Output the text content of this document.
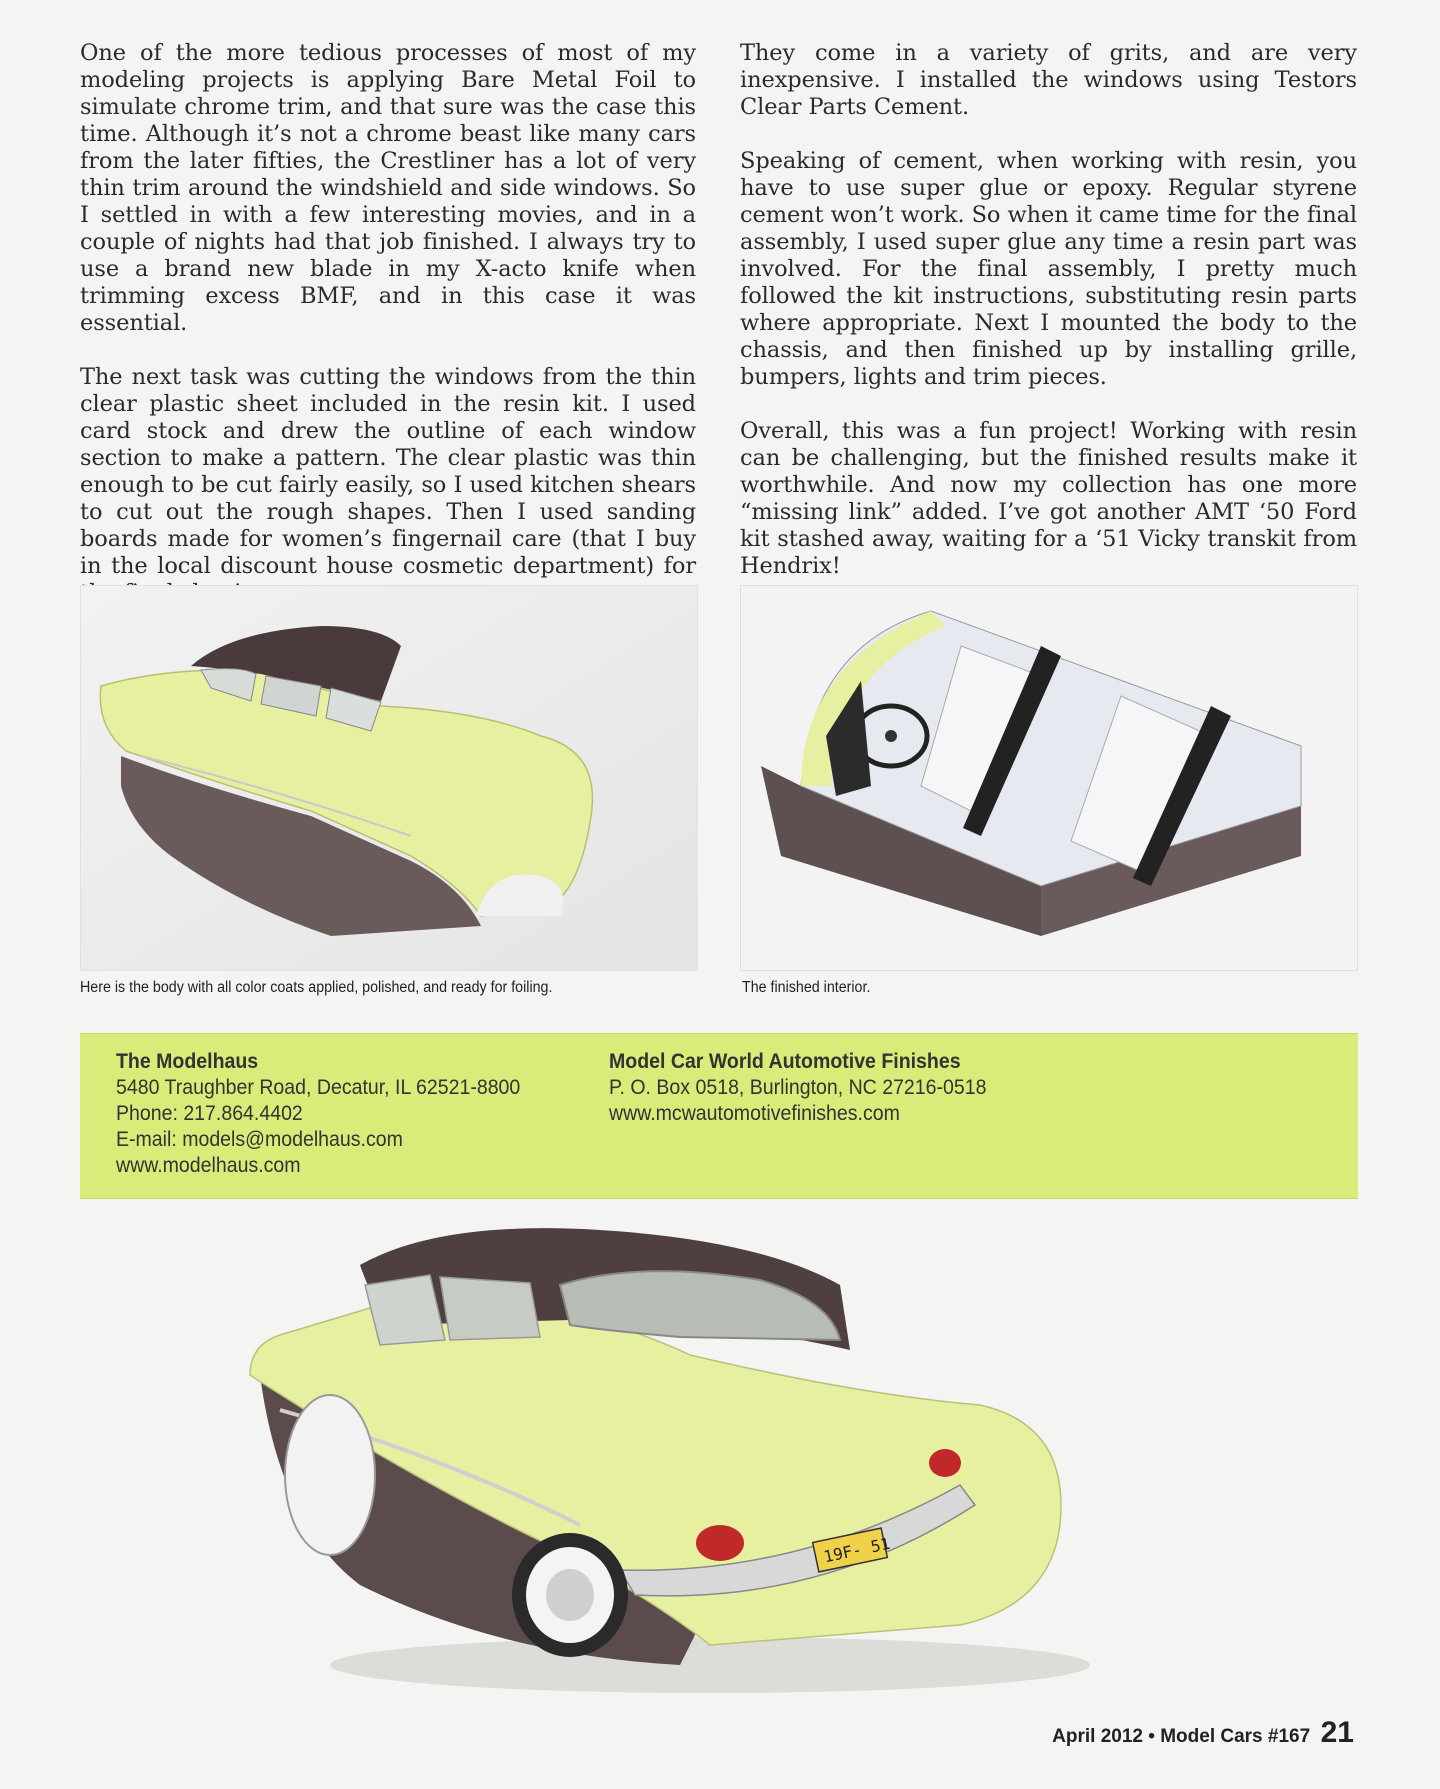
One of the more tedious processes of most of my modeling projects is applying Bare Metal Foil to simulate chrome trim, and that sure was the case this time. Although it’s not a chrome beast like many cars from the later fifties, the Crestliner has a lot of very thin trim around the windshield and side windows. So I settled in with a few interesting movies, and in a couple of nights had that job finished. I always try to use a brand new blade in my X-acto knife when trimming excess BMF, and in this case it was essential.

The next task was cutting the windows from the thin clear plastic sheet included in the resin kit. I used card stock and drew the outline of each window section to make a pattern. The clear plastic was thin enough to be cut fairly easily, so I used kitchen shears to cut out the rough shapes. Then I used sanding boards made for women’s fingernail care (that I buy in the local discount house cosmetic department) for

They come in a variety of grits, and are very inexpensive. I installed the windows using Testors Clear Parts Cement.

Speaking of cement, when working with resin, you have to use super glue or epoxy. Regular styrene cement won’t work. So when it came time for the final assembly, I used super glue any time a resin part was involved. For the final assembly, I pretty much followed the kit instructions, substituting resin parts where appropriate. Next I mounted the body to the chassis, and then finished up by installing grille, bumpers, lights and trim pieces.

Overall, this was a fun project! Working with resin can be challenging, but the finished results make it worthwhile. And now my collection has one more “missing link” added. I’ve got another AMT ‘50 Ford kit stashed away, waiting for a ‘51 Vicky transkit from Hendrix!

Here is the body with all color coats applied, polished, and ready for foiling.	The finished interior.
The Modelhaus
5480 Traughber Road, Decatur, IL 62521-8800
Phone: 217.864.4402
E-mail: models@modelhaus.com
www.modelhaus.com
Model Car World Automotive Finishes
P. O. Box 0518, Burlington, NC 27216-0518
www.mcwautomotivefinishes.com
19F- 51
April 2012 • Model Cars #167 21
